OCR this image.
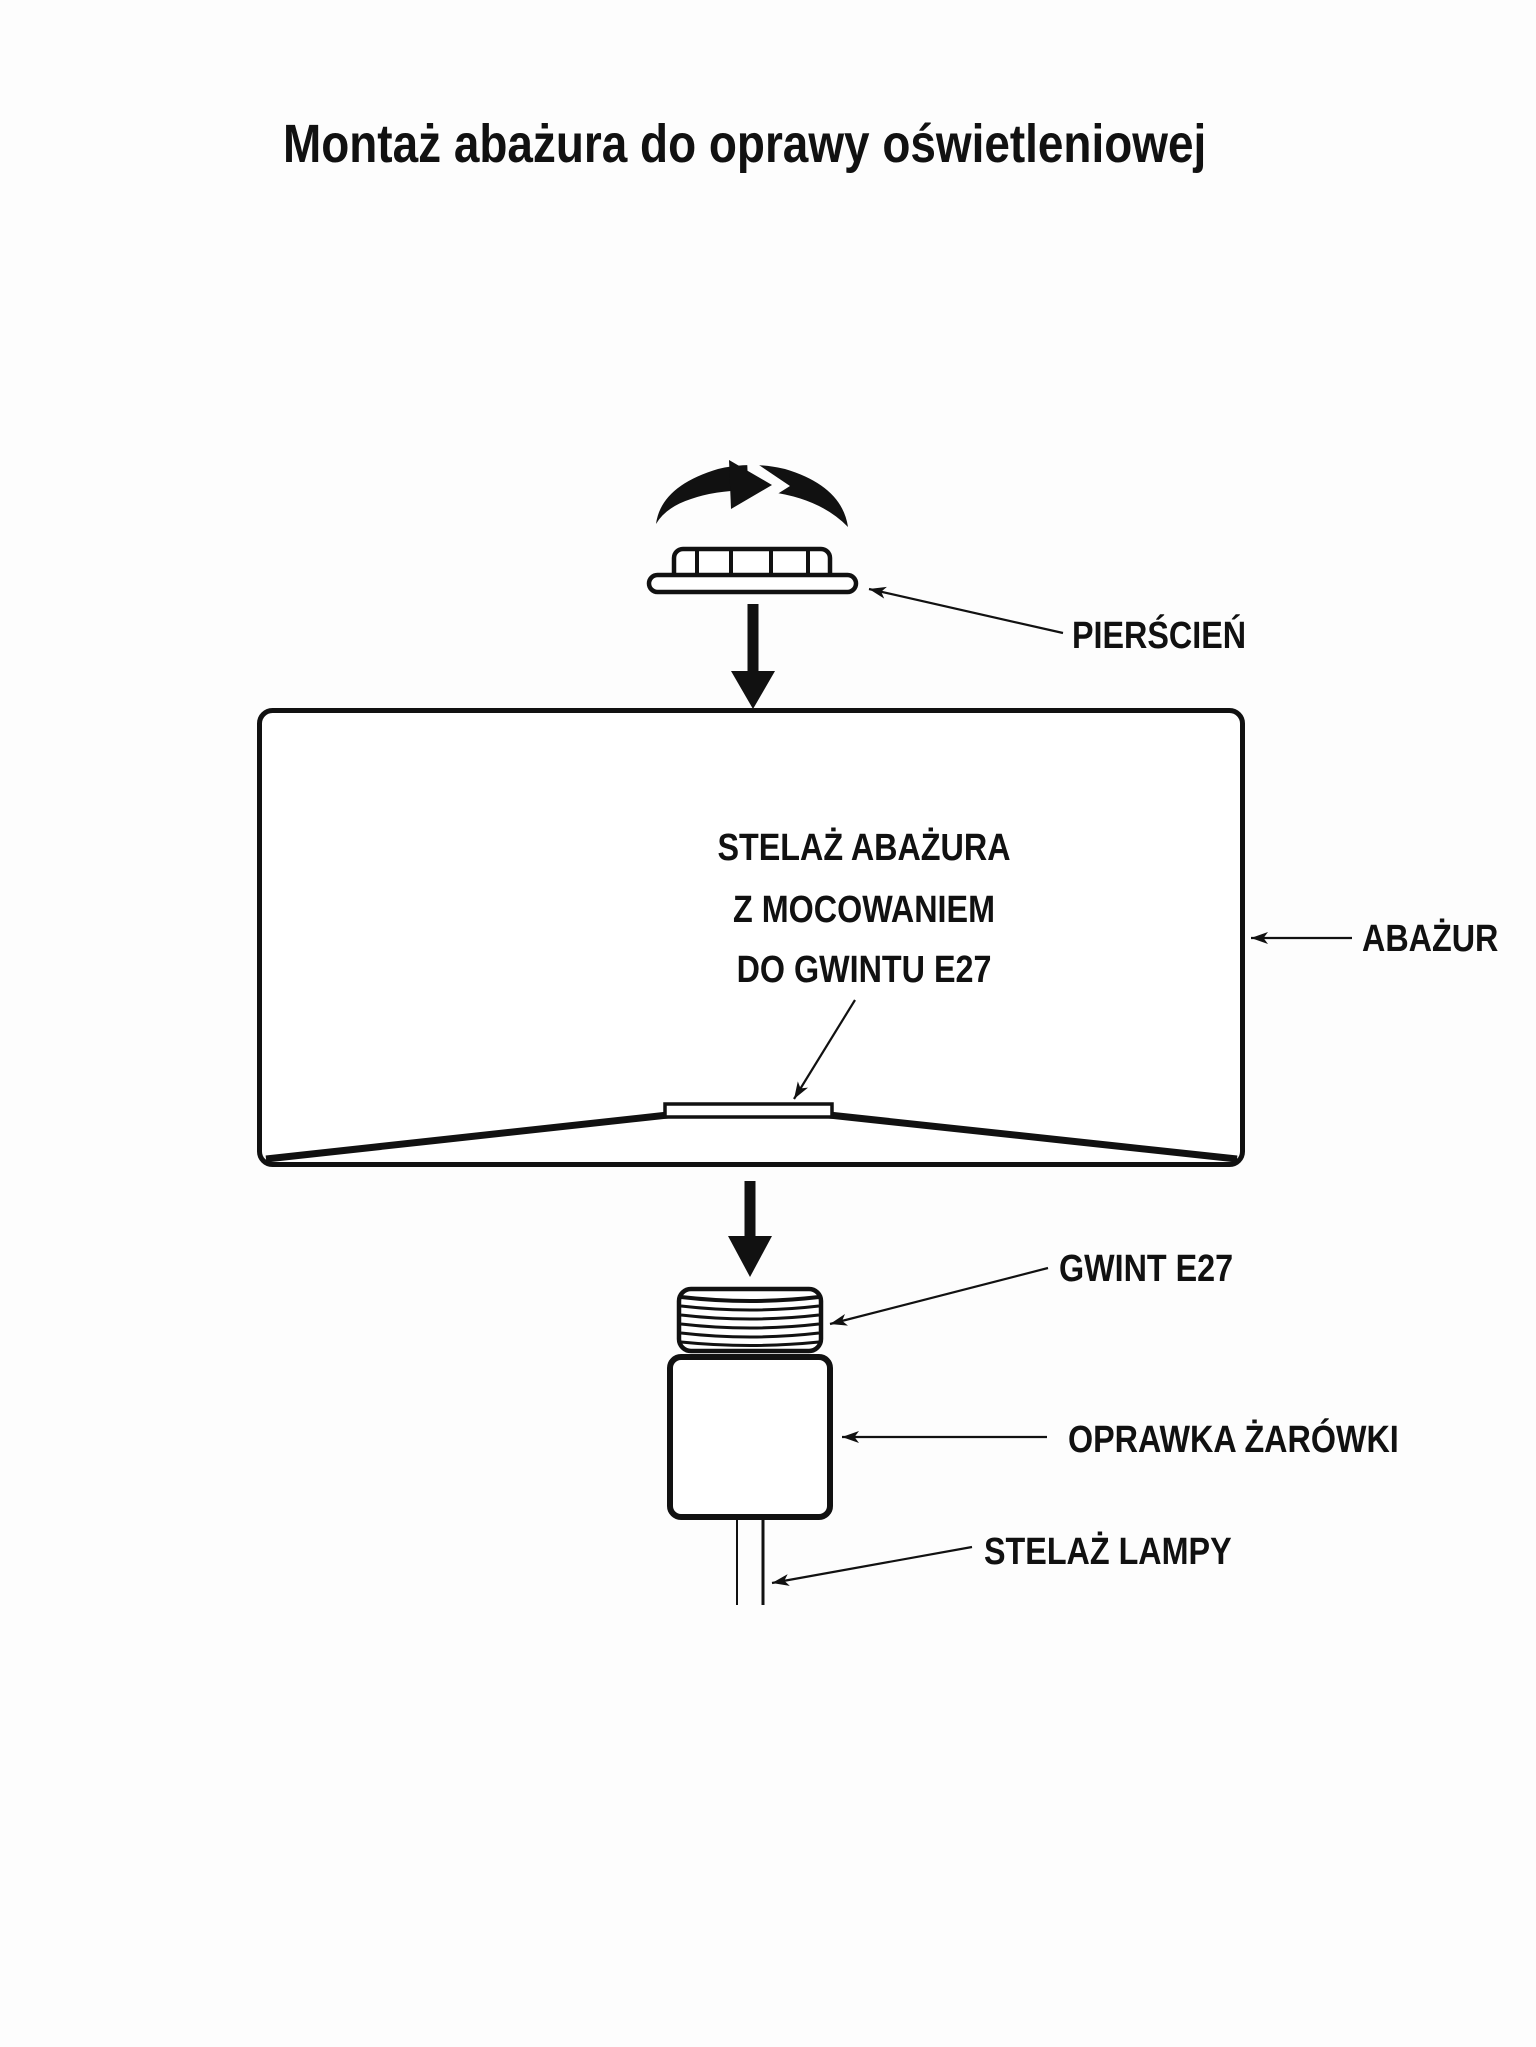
Montaż abażura do oprawy oświetleniowej
STELAŻ ABAŻURA
Z MOCOWANIEM
DO GWINTU E27
PIERŚCIEŃ
ABAŻUR
GWINT E27
OPRAWKA ŻARÓWKI
STELAŻ LAMPY
